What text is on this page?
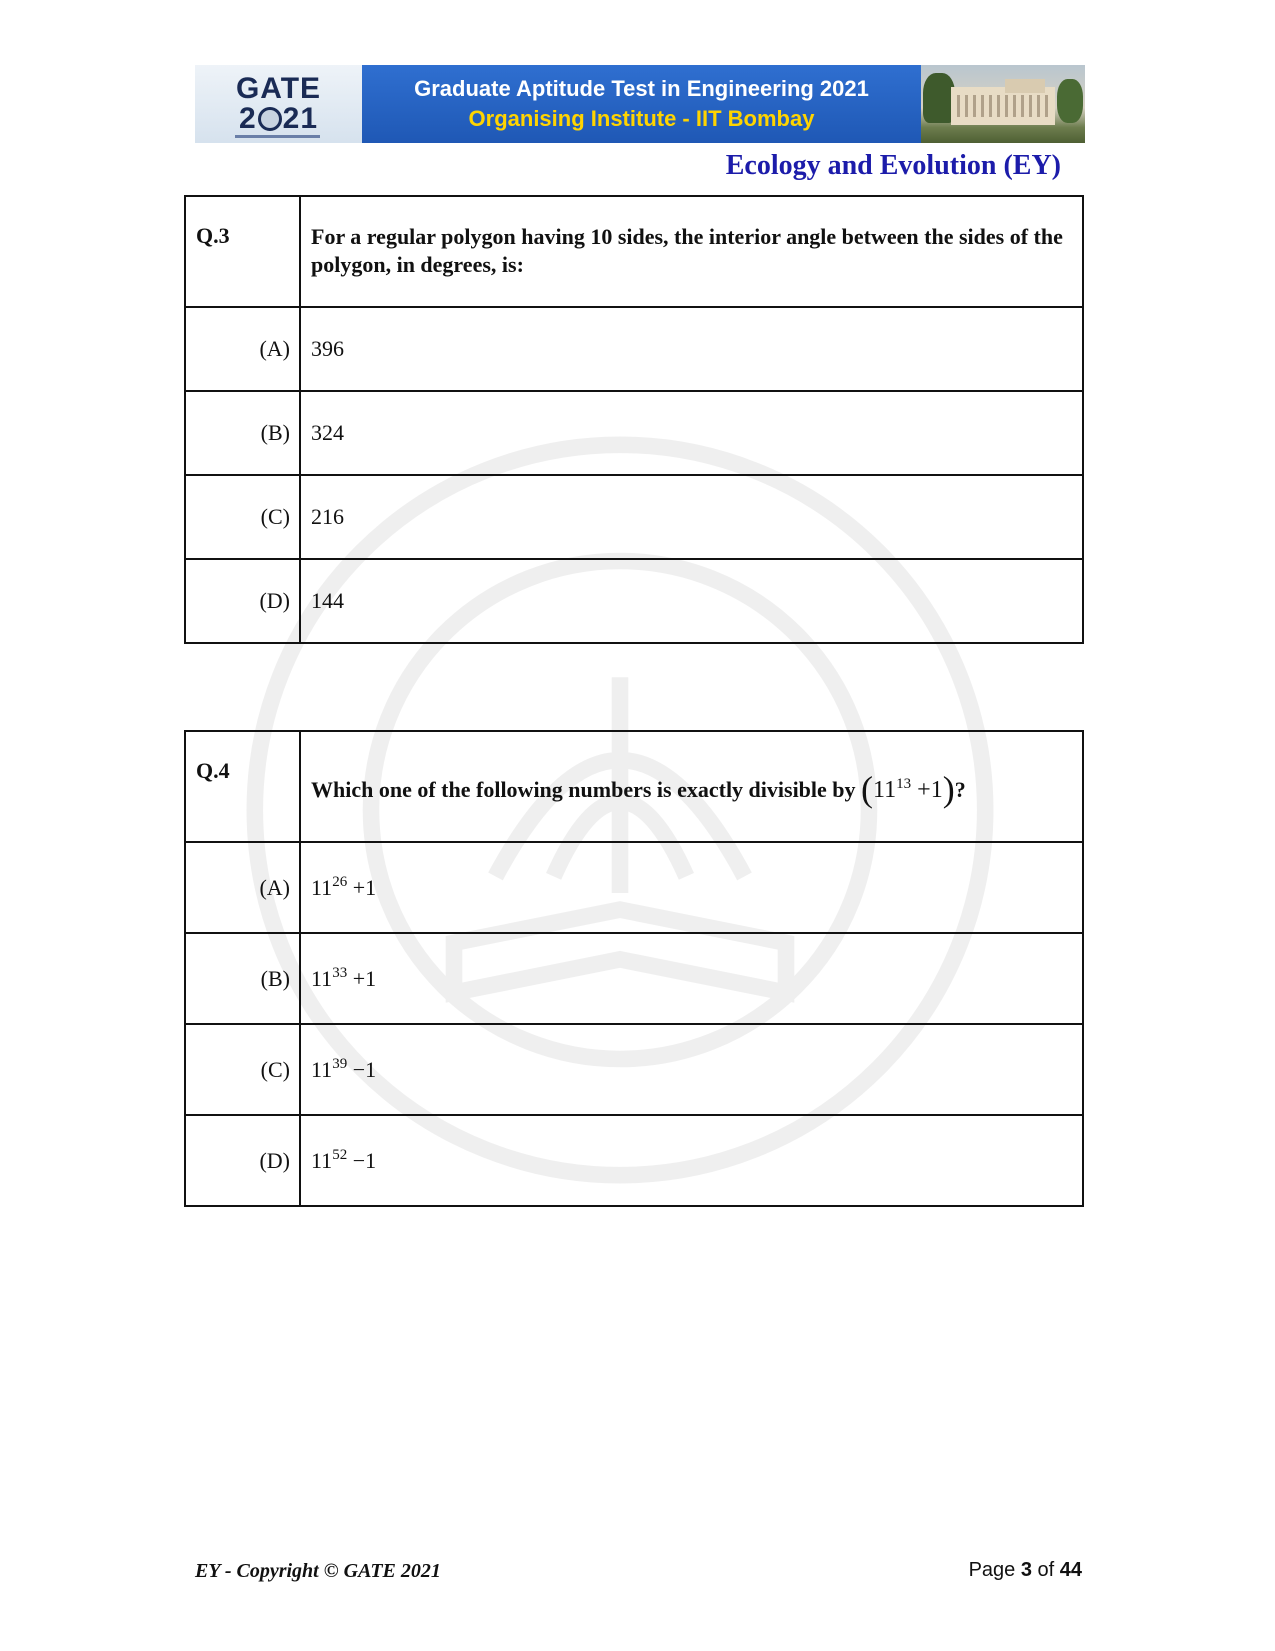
GATE
2 21
Graduate Aptitude Test in Engineering 2021
Organising Institute - IIT Bombay
Ecology and Evolution (EY)
Q.3	For a regular polygon having 10 sides, the interior angle between the sides of the polygon, in degrees, is:
(A)	396
(B)	324
(C)	216
(D)	144
Q.4	Which one of the following numbers is exactly divisible by $(11^{13} +1)$?
(A)	$11^{26} +1$
(B)	$11^{33} +1$
(C)	$11^{39} -1$
(D)	$11^{52} -1$
EY - Copyright © GATE 2021	Page 3 of 44
